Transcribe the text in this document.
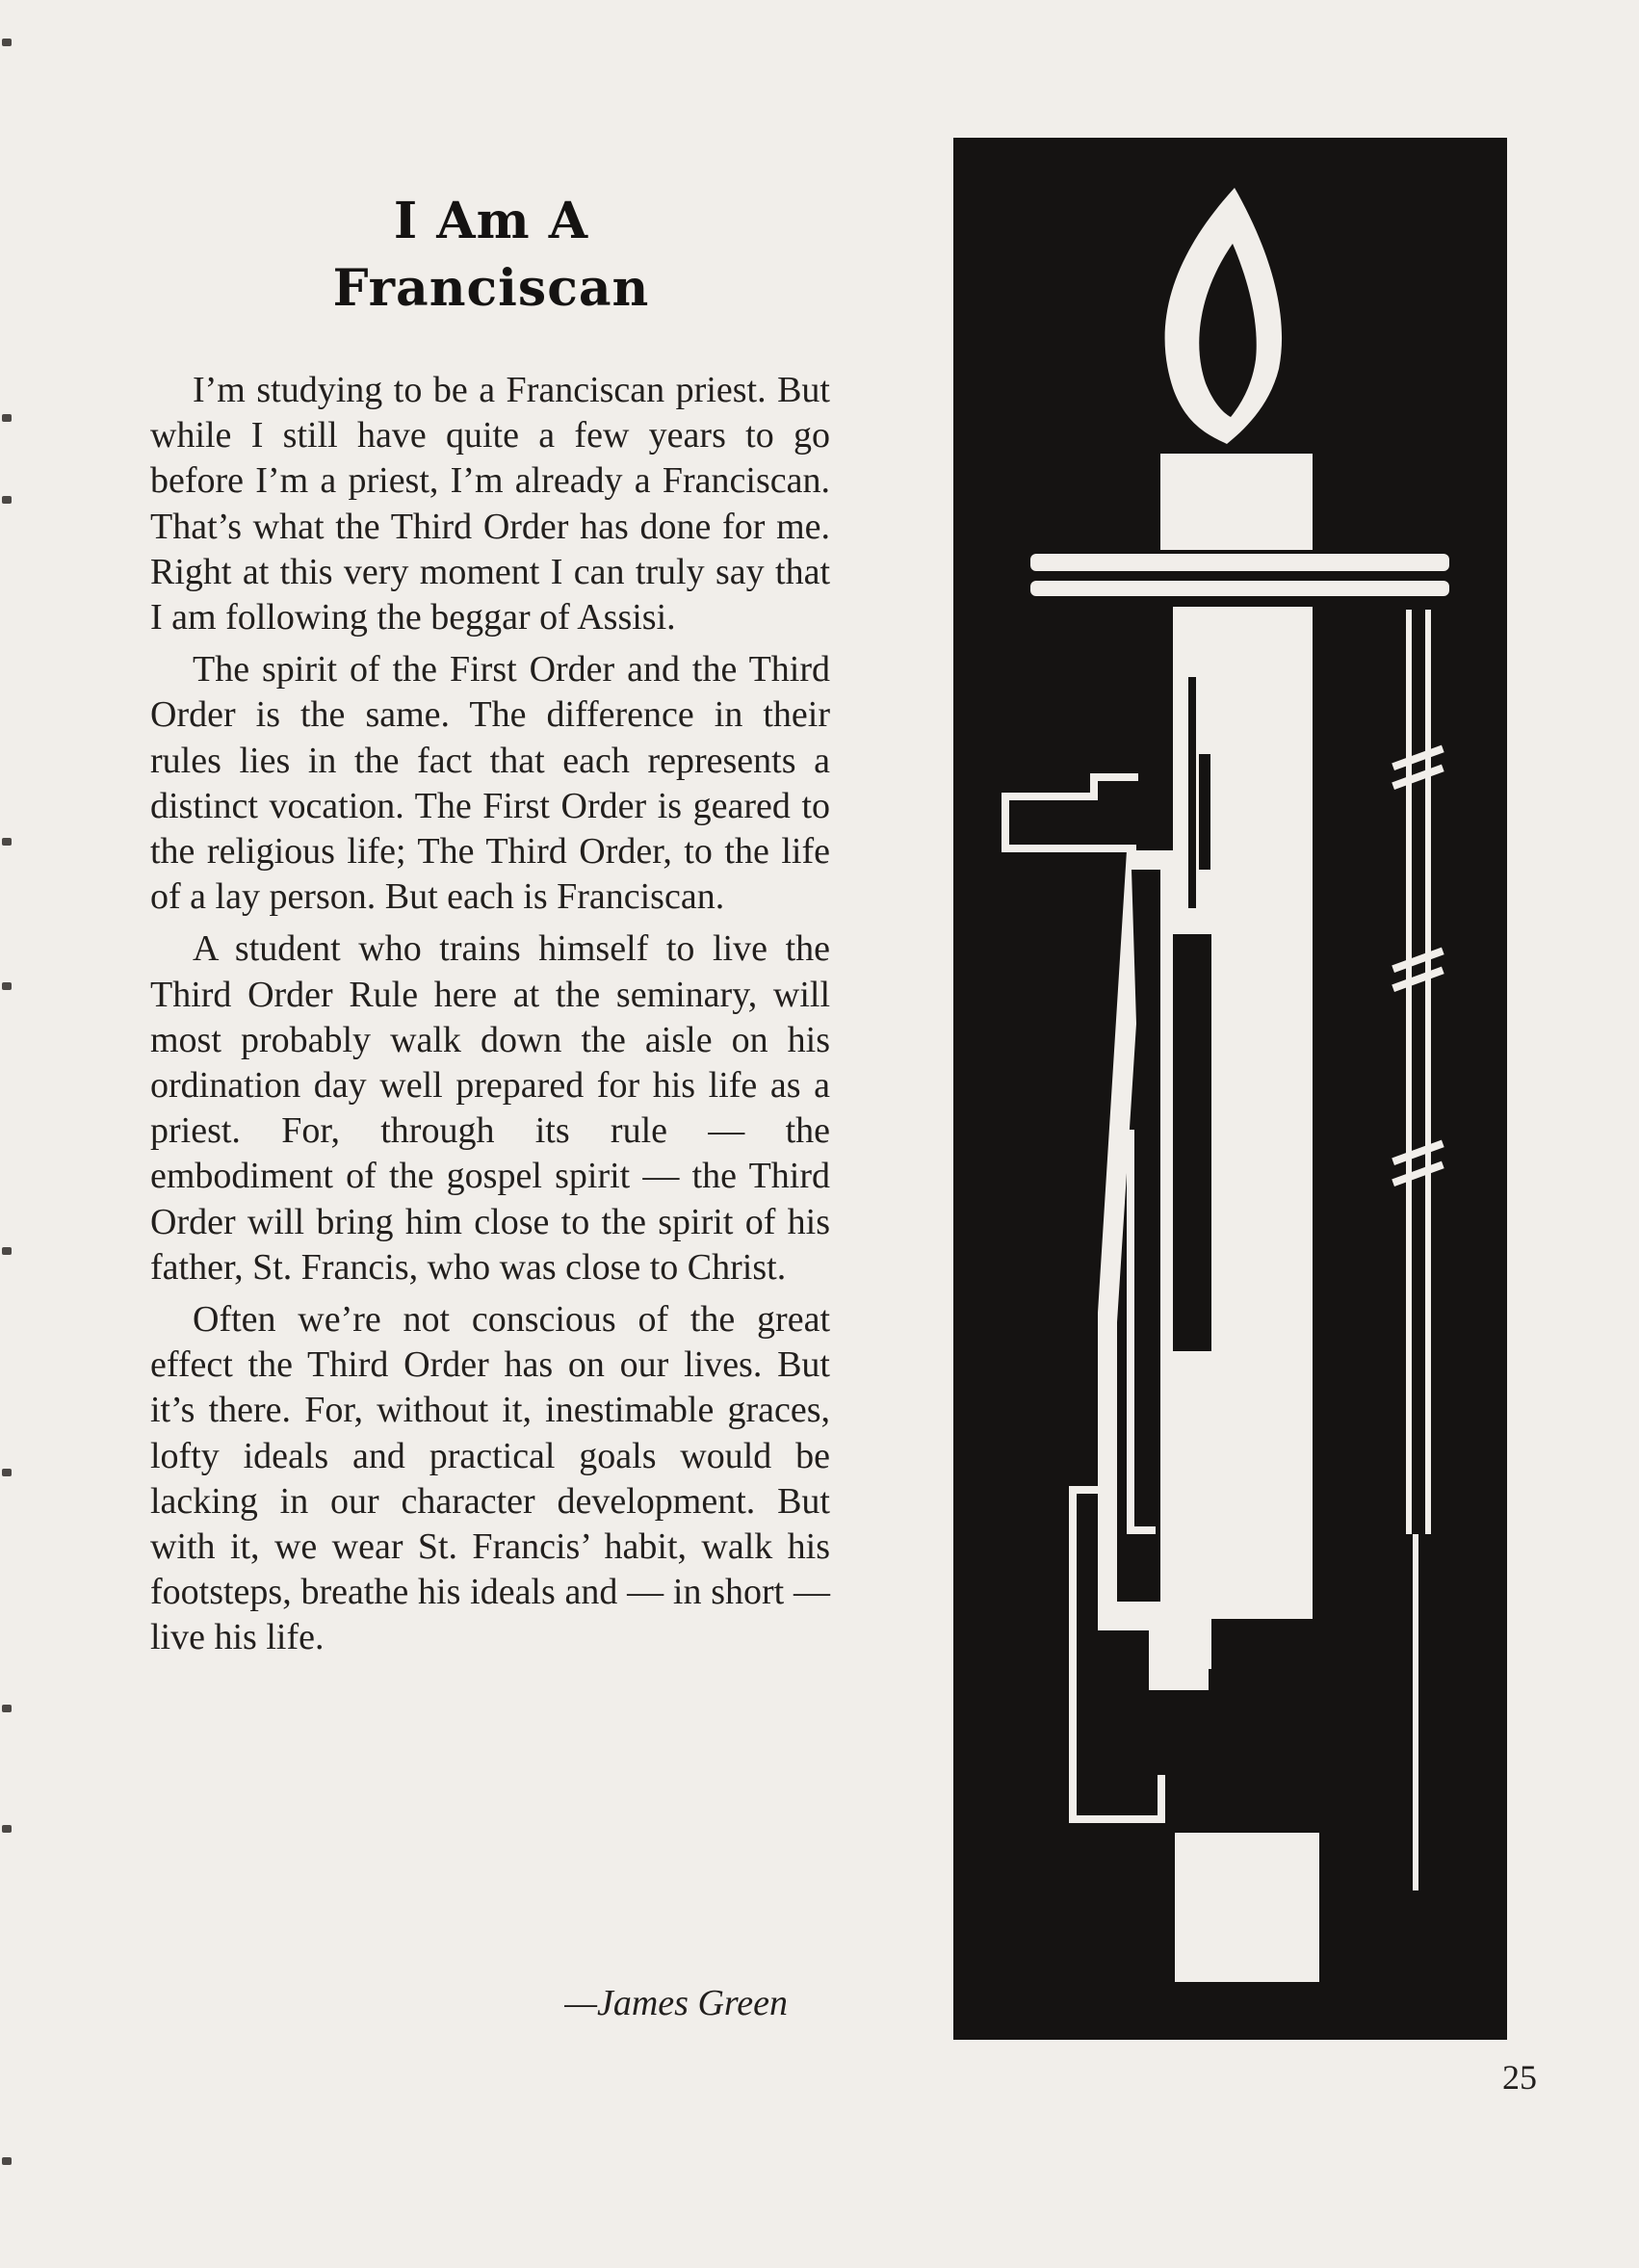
I Am A
Franciscan

I’m studying to be a Franciscan priest. But while I still have quite a few years to go before I’m a priest, I’m already a Franciscan. That’s what the Third Order has done for me. Right at this very moment I can truly say that I am following the beggar of Assisi.

The spirit of the First Order and the Third Order is the same. The difference in their rules lies in the fact that each represents a distinct vocation. The First Order is geared to the religious life; The Third Order, to the life of a lay person. But each is Franciscan.

A student who trains himself to live the Third Order Rule here at the seminary, will most probably walk down the aisle on his ordination day well prepared for his life as a priest. For, through its rule — the embodiment of the gospel spirit — the Third Order will bring him close to the spirit of his father, St. Francis, who was close to Christ.

Often we’re not conscious of the great effect the Third Order has on our lives. But it’s there. For, without it, inestimable graces, lofty ideals and practical goals would be lacking in our character development. But with it, we wear St. Francis’ habit, walk his footsteps, breathe his ideals and — in short — live his life.

—James Green
25
